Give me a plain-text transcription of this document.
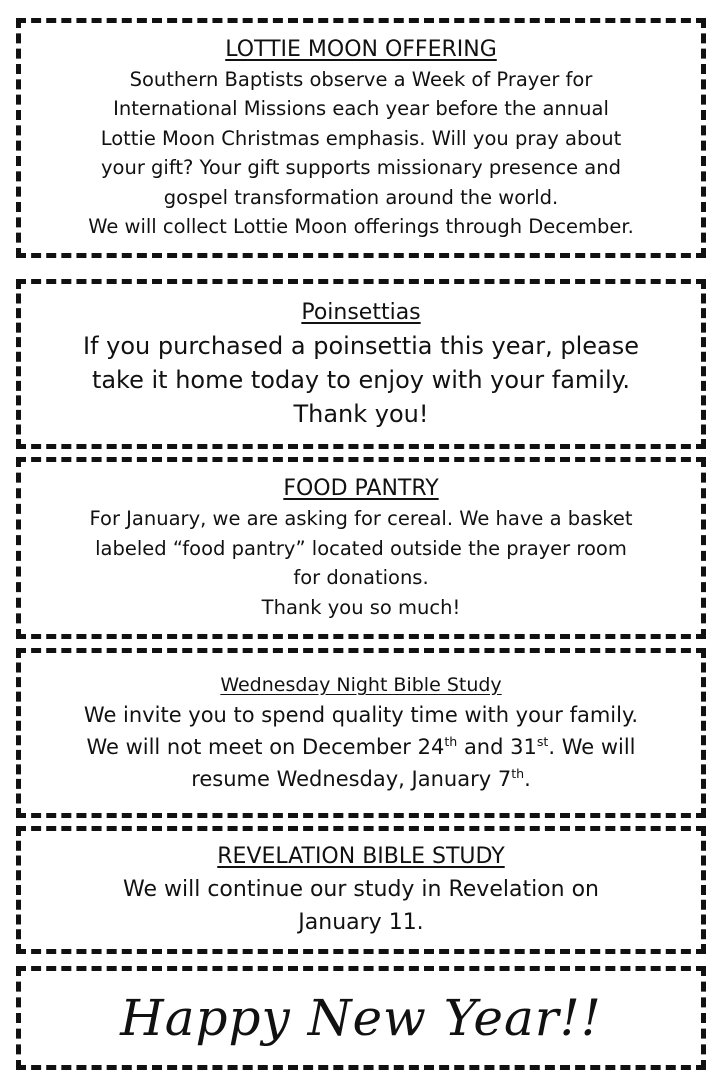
LOTTIE MOON OFFERING
Southern Baptists observe a Week of Prayer for
International Missions each year before the annual
Lottie Moon Christmas emphasis. Will you pray about
your gift? Your gift supports missionary presence and
gospel transformation around the world.
We will collect Lottie Moon offerings through December.
Poinsettias
If you purchased a poinsettia this year, please
take it home today to enjoy with your family.
Thank you!
FOOD PANTRY
For January, we are asking for cereal. We have a basket
labeled “food pantry” located outside the prayer room
for donations.
Thank you so much!
Wednesday Night Bible Study
We invite you to spend quality time with your family.
We will not meet on December 24th and 31st. We will
resume Wednesday, January 7th.
REVELATION BIBLE STUDY
We will continue our study in Revelation on
January 11.
Happy New Year!!
